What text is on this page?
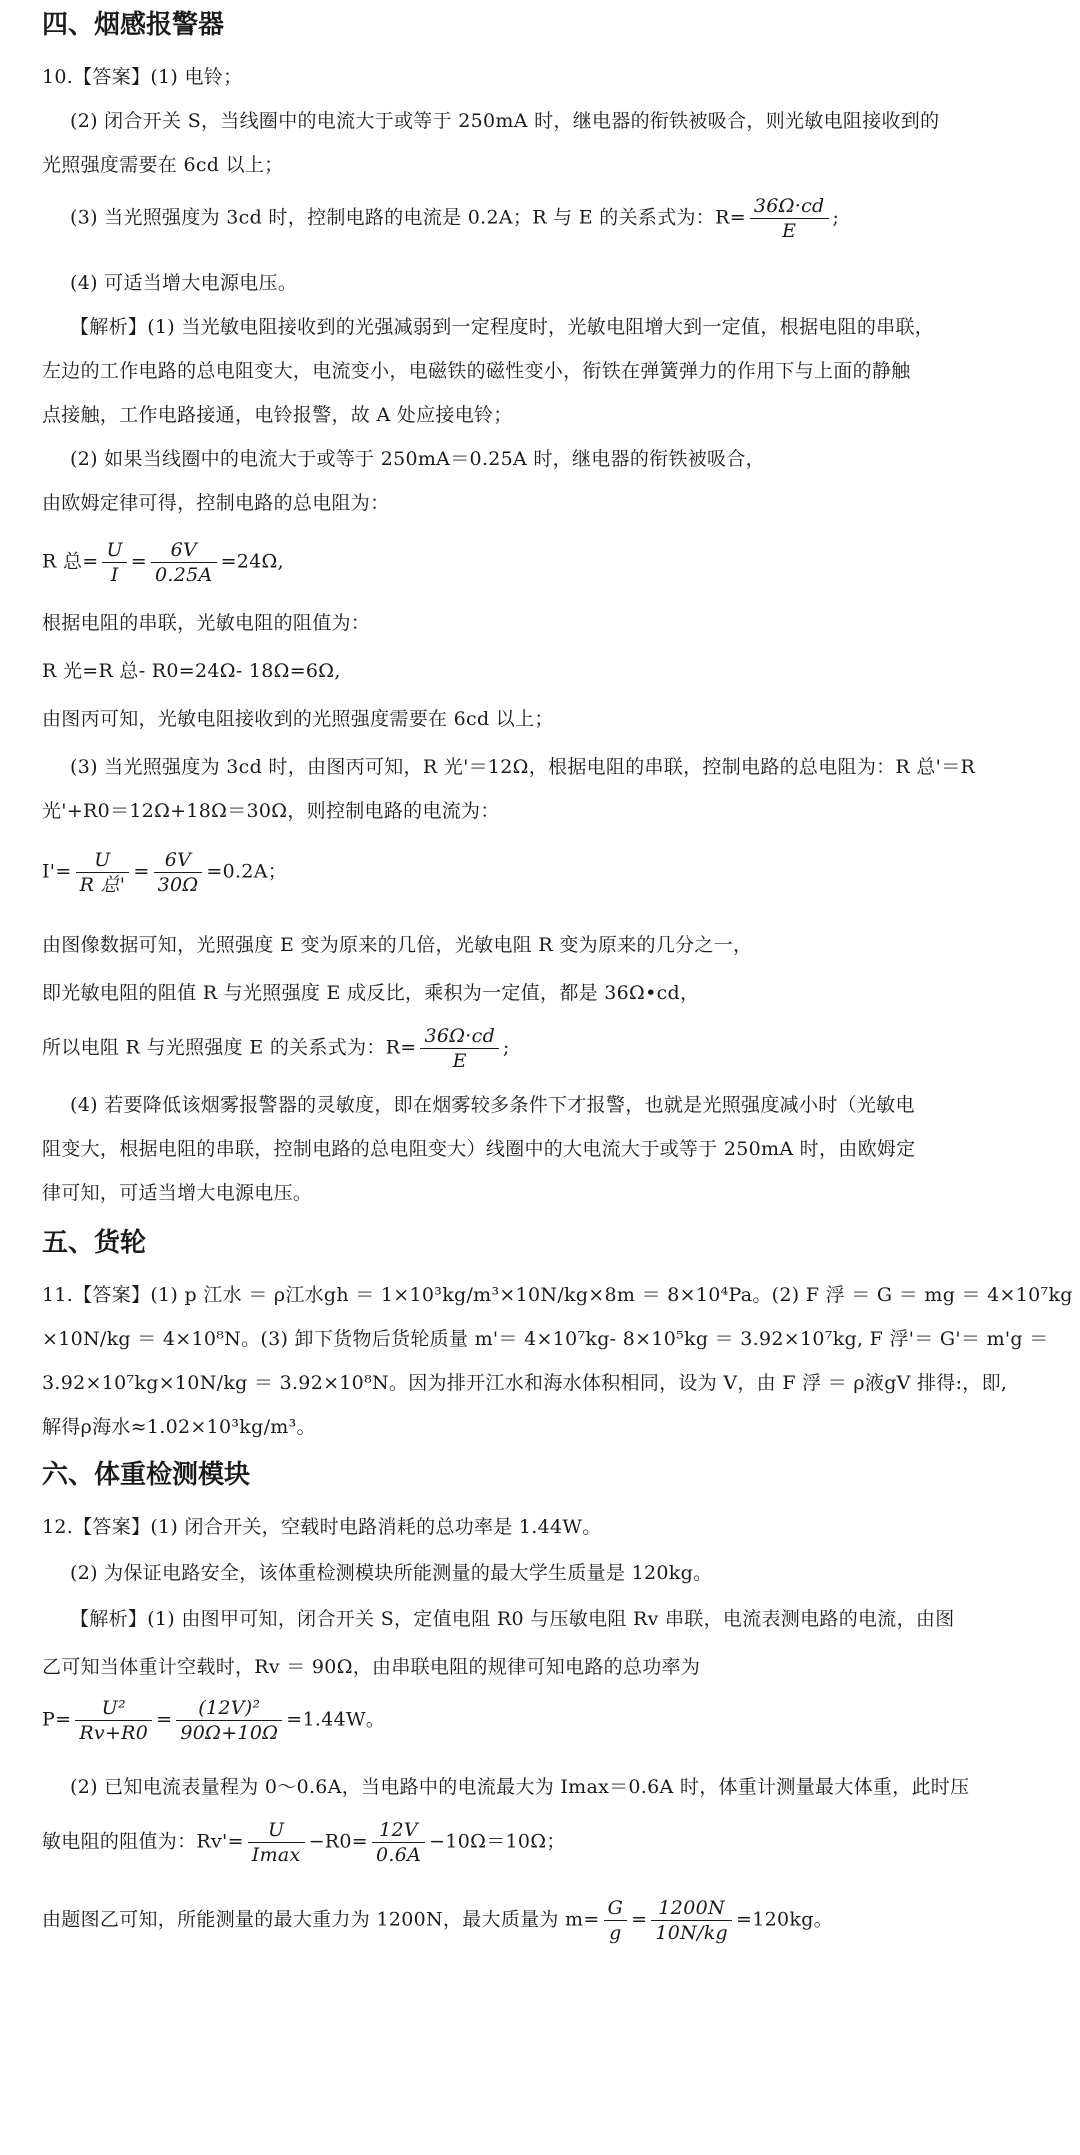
四、烟感报警器
10.【答案】(1) 电铃；
(2) 闭合开关 S，当线圈中的电流大于或等于 250mA 时，继电器的衔铁被吸合，则光敏电阻接收到的
光照强度需要在 6cd 以上；
(3) 当光照强度为 3cd 时，控制电路的电流是 0.2A；R 与 E 的关系式为：$R= \frac{36\Omega\cdot cd}{E}$ ;
(4) 可适当增大电源电压。
【解析】(1) 当光敏电阻接收到的光强减弱到一定程度时，光敏电阻增大到一定值，根据电阻的串联，
左边的工作电路的总电阻变大，电流变小，电磁铁的磁性变小，衔铁在弹簧弹力的作用下与上面的静触
点接触，工作电路接通，电铃报警，故 A 处应接电铃；
(2) 如果当线圈中的电流大于或等于 250mA＝0.25A 时，继电器的衔铁被吸合，
由欧姆定律可得，控制电路的总电阻为：
R 总= $\frac{U}{I} = \frac{6V}{0.25A} =24\Omega$,
根据电阻的串联，光敏电阻的阻值为：
R 光=R 总- R0=24Ω- 18Ω=6Ω,
由图丙可知，光敏电阻接收到的光照强度需要在 6cd 以上；
(3) 当光照强度为 3cd 时，由图丙可知，R 光'＝12Ω，根据电阻的串联，控制电路的总电阻为：R 总'＝R
光'+R0＝12Ω+18Ω＝30Ω，则控制电路的电流为：
$I'= \frac{U}{\text{R 总'}} = \frac{6V}{30\Omega} =0.2A$；
由图像数据可知，光照强度 E 变为原来的几倍，光敏电阻 R 变为原来的几分之一，
即光敏电阻的阻值 R 与光照强度 E 成反比，乘积为一定值，都是 36Ω•cd，
所以电阻 R 与光照强度 E 的关系式为：$R= \frac{36\Omega\cdot cd}{E}$ ;
(4) 若要降低该烟雾报警器的灵敏度，即在烟雾较多条件下才报警，也就是光照强度减小时（光敏电
阻变大，根据电阻的串联，控制电路的总电阻变大）线圈中的大电流大于或等于 250mA 时，由欧姆定
律可知，可适当增大电源电压。
五、货轮
11.【答案】(1) p 江水 ＝ ρ江水gh ＝ 1×10³kg/m³×10N/kg×8m ＝ 8×10⁴Pa。(2) F 浮 ＝ G ＝ mg ＝ 4×10⁷kg
×10N/kg ＝ 4×10⁸N。(3) 卸下货物后货轮质量 m'＝ 4×10⁷kg- 8×10⁵kg ＝ 3.92×10⁷kg, F 浮'＝ G'＝ m'g ＝
3.92×10⁷kg×10N/kg ＝ 3.92×10⁸N。因为排开江水和海水体积相同，设为 V，由 F 浮 ＝ ρ液gV 排得:，即,
解得ρ海水≈1.02×10³kg/m³。
六、体重检测模块
12.【答案】(1) 闭合开关，空载时电路消耗的总功率是 1.44W。
(2) 为保证电路安全，该体重检测模块所能测量的最大学生质量是 120kg。
【解析】(1) 由图甲可知，闭合开关 S，定值电阻 R0 与压敏电阻 Rv 串联，电流表测电路的电流，由图
乙可知当体重计空载时，Rv ＝ 90Ω，由串联电阻的规律可知电路的总功率为
$P= \frac{\text{U²}}{Rv+R0} = \frac{\text{(12V)²}}{90\Omega+10\Omega} =1.44W$。
(2) 已知电流表量程为 0～0.6A，当电路中的电流最大为 Imax＝0.6A 时，体重计测量最大体重，此时压
敏电阻的阻值为：$Rv'= \frac{U}{Imax} -R0= \frac{12V}{0.6A} -10\Omega=10\Omega$；
由题图乙可知，所能测量的最大重力为 1200N，最大质量为 $m= \frac{G}{g} = \frac{1200N}{10N/kg} =120kg$。
